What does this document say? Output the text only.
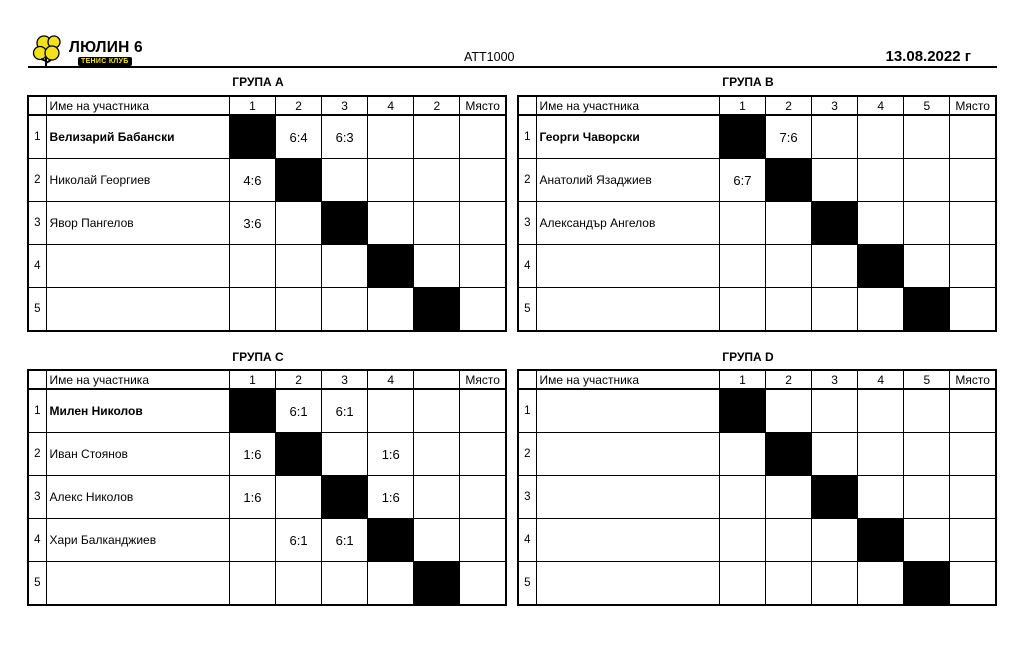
ЛЮЛИН 6
ТЕНИС КЛУБ	ATT1000	13.08.2022 г
ГРУПА А
	Име на участника	1	2	3	4	2	Място
1	Велизарий Бабански		6:4	6:3			
2	Николай Георгиев	4:6					
3	Явор Пангелов	3:6					
4							
5							
ГРУПА В
	Име на участника	1	2	3	4	5	Място
1	Георги Чаворски		7:6				
2	Анатолий Язаджиев	6:7					
3	Александър Ангелов						
4							
5							
ГРУПА С
	Име на участника	1	2	3	4		Място
1	Милен Николов		6:1	6:1			
2	Иван Стоянов	1:6			1:6		
3	Алекс Николов	1:6			1:6		
4	Хари Балканджиев		6:1	6:1			
5							
ГРУПА D
	Име на участника	1	2	3	4	5	Място
1							
2							
3							
4							
5							
